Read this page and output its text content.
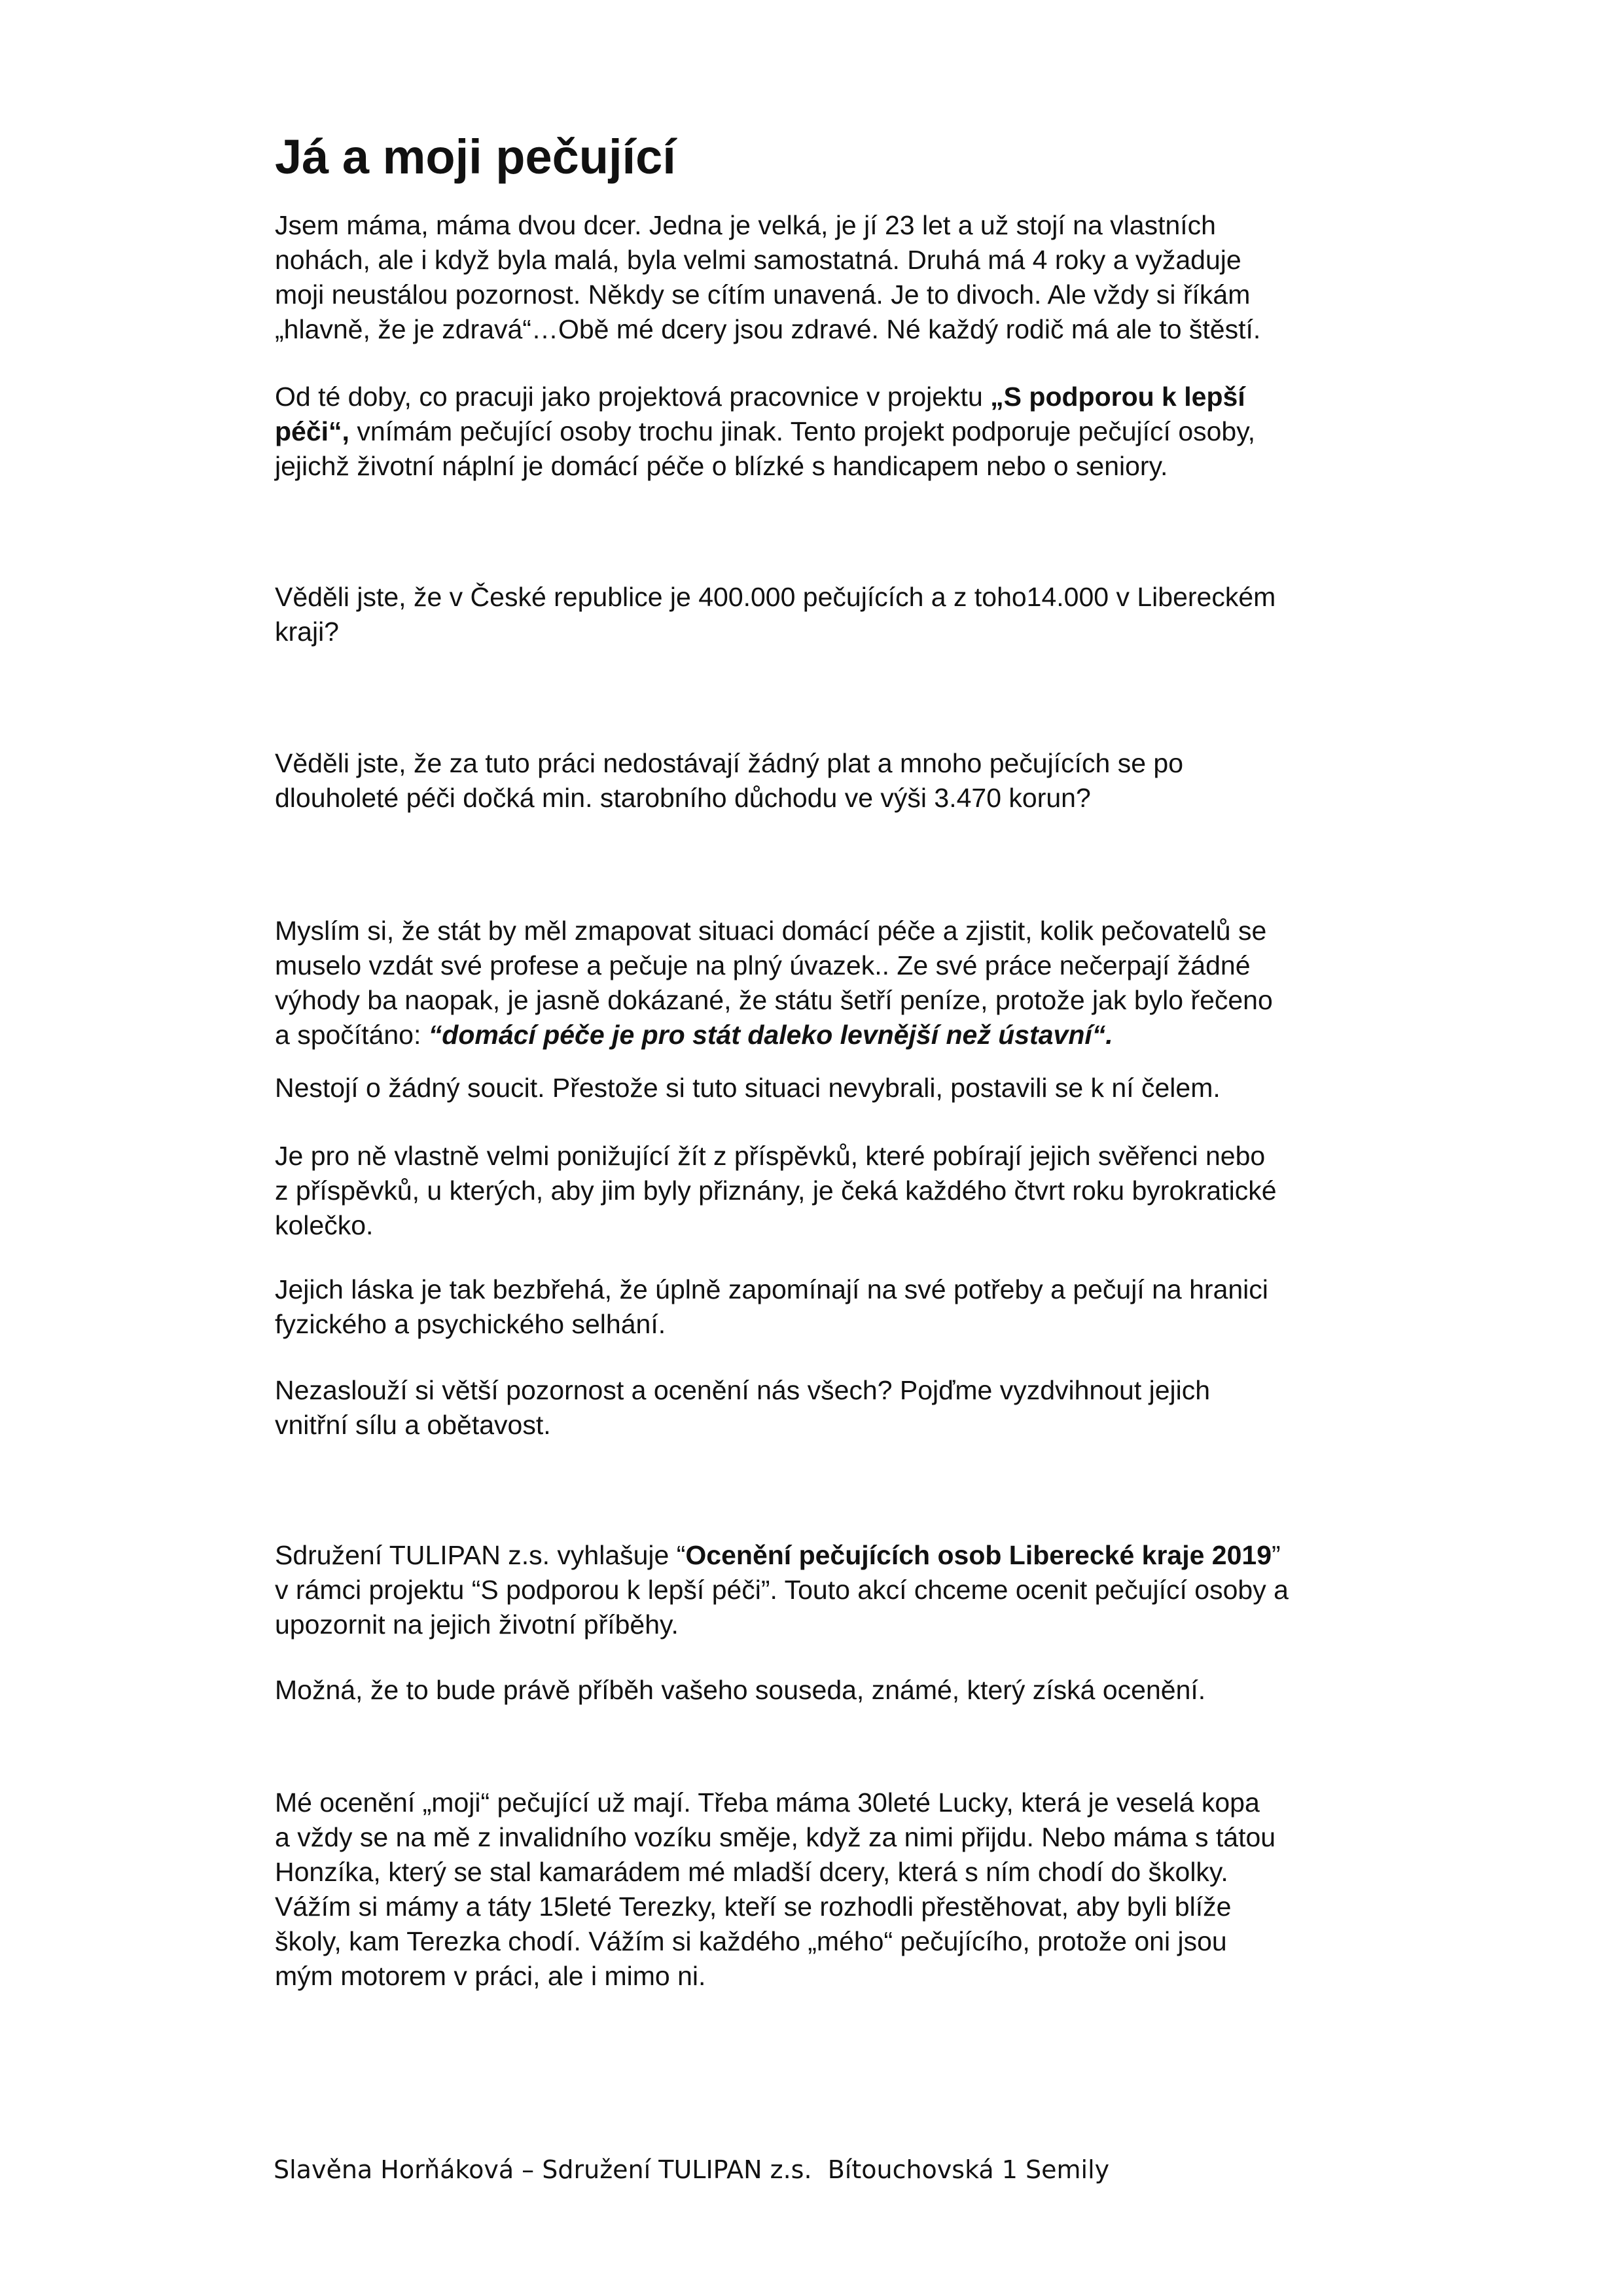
Já a moji pečující
Jsem máma, máma dvou dcer. Jedna je velká, je jí 23 let a už stojí na vlastních
nohách, ale i když byla malá, byla velmi samostatná. Druhá má 4 roky a vyžaduje
moji neustálou pozornost. Někdy se cítím unavená. Je to divoch. Ale vždy si říkám
„hlavně, že je zdravá“…Obě mé dcery jsou zdravé. Né každý rodič má ale to štěstí.
Od té doby, co pracuji jako projektová pracovnice v projektu „S podporou k lepší
péči“, vnímám pečující osoby trochu jinak. Tento projekt podporuje pečující osoby,
jejichž životní náplní je domácí péče o blízké s handicapem nebo o seniory.
Věděli jste, že v České republice je 400.000 pečujících a z toho14.000 v Libereckém
kraji?
Věděli jste, že za tuto práci nedostávají žádný plat a mnoho pečujících se po
dlouholeté péči dočká min. starobního důchodu ve výši 3.470 korun?
Myslím si, že stát by měl zmapovat situaci domácí péče a zjistit, kolik pečovatelů se
muselo vzdát své profese a pečuje na plný úvazek.. Ze své práce nečerpají žádné
výhody ba naopak, je jasně dokázané, že státu šetří peníze, protože jak bylo řečeno
a spočítáno: “domácí péče je pro stát daleko levnější než ústavní“.
Nestojí o žádný soucit. Přestože si tuto situaci nevybrali, postavili se k ní čelem.
Je pro ně vlastně velmi ponižující žít z příspěvků, které pobírají jejich svěřenci nebo
z příspěvků, u kterých, aby jim byly přiznány, je čeká každého čtvrt roku byrokratické
kolečko.
Jejich láska je tak bezbřehá, že úplně zapomínají na své potřeby a pečují na hranici
fyzického a psychického selhání.
Nezaslouží si větší pozornost a ocenění nás všech? Pojďme vyzdvihnout jejich
vnitřní sílu a obětavost.
Sdružení TULIPAN z.s. vyhlašuje “Ocenění pečujících osob Liberecké kraje 2019”
v rámci projektu “S podporou k lepší péči”. Touto akcí chceme ocenit pečující osoby a
upozornit na jejich životní příběhy.
Možná, že to bude právě příběh vašeho souseda, známé, který získá ocenění.
Mé ocenění „moji“ pečující už mají. Třeba máma 30leté Lucky, která je veselá kopa
a vždy se na mě z invalidního vozíku směje, když za nimi přijdu. Nebo máma s tátou
Honzíka, který se stal kamarádem mé mladší dcery, která s ním chodí do školky.
Vážím si mámy a táty 15leté Terezky, kteří se rozhodli přestěhovat, aby byli blíže
školy, kam Terezka chodí. Vážím si každého „mého“ pečujícího, protože oni jsou
mým motorem v práci, ale i mimo ni.
Slavěna Horňáková – Sdružení TULIPAN z.s.  Bítouchovská 1 Semily
